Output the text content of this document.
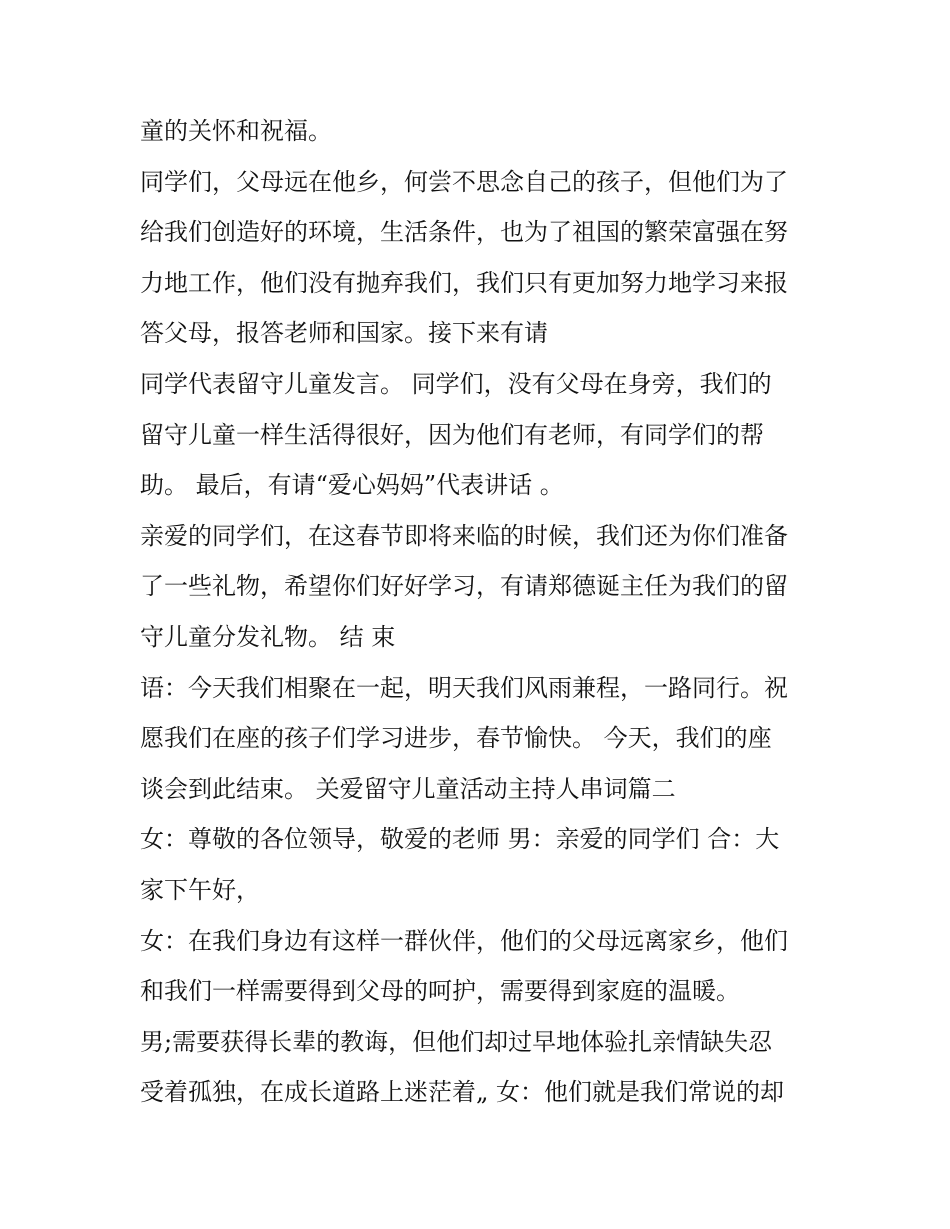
童的关怀和祝福。
同学们，父母远在他乡，何尝不思念自己的孩子，但他们为了
给我们创造好的环境，生活条件，也为了祖国的繁荣富强在努
力地工作，他们没有抛弃我们，我们只有更加努力地学习来报
答父母，报答老师和国家。接下来有请
同学代表留守儿童发言。 同学们，没有父母在身旁，我们的
留守儿童一样生活得很好，因为他们有老师，有同学们的帮
助。 最后，有请“爱心妈妈”代表讲话 。
亲爱的同学们，在这春节即将来临的时候，我们还为你们准备
了一些礼物，希望你们好好学习，有请郑德诞主任为我们的留
守儿童分发礼物。 结 束
语：今天我们相聚在一起，明天我们风雨兼程，一路同行。祝
愿我们在座的孩子们学习进步，春节愉快。 今天，我们的座
谈会到此结束。 关爱留守儿童活动主持人串词篇二
女：尊敬的各位领导，敬爱的老师 男：亲爱的同学们 合：大
家下午好，
女：在我们身边有这样一群伙伴，他们的父母远离家乡，他们
和我们一样需要得到父母的呵护，需要得到家庭的温暖。
男;需要获得长辈的教诲，但他们却过早地体验扎亲情缺失忍
受着孤独，在成长道路上迷茫着„ 女：他们就是我们常说的却
